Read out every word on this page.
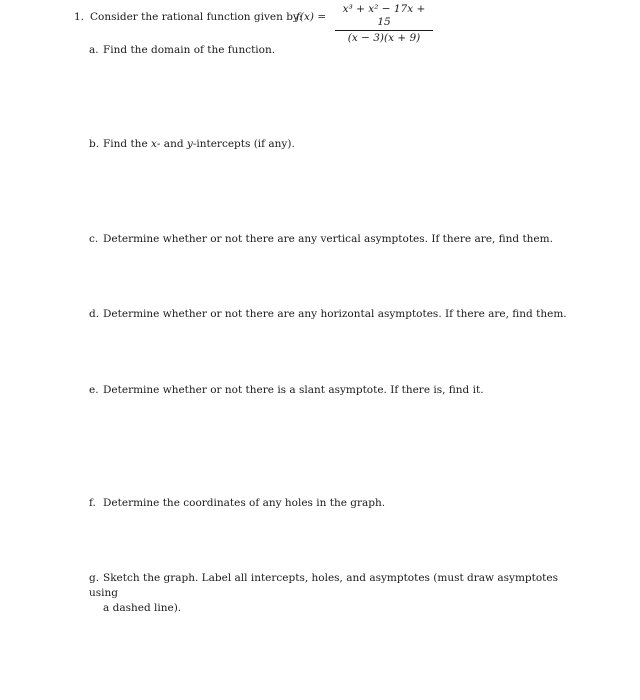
1. Consider the rational function given by:
f(x) =
x³ + x² − 17x + 15
(x − 3)(x + 9)
a. Find the domain of the function.
b. Find the x- and y-intercepts (if any).
c. Determine whether or not there are any vertical asymptotes. If there are, find them.
d. Determine whether or not there are any horizontal asymptotes. If there are, find them.
e. Determine whether or not there is a slant asymptote. If there is, find it.
f. Determine the coordinates of any holes in the graph.
g. Sketch the graph. Label all intercepts, holes, and asymptotes (must draw asymptotes using
a dashed line).
